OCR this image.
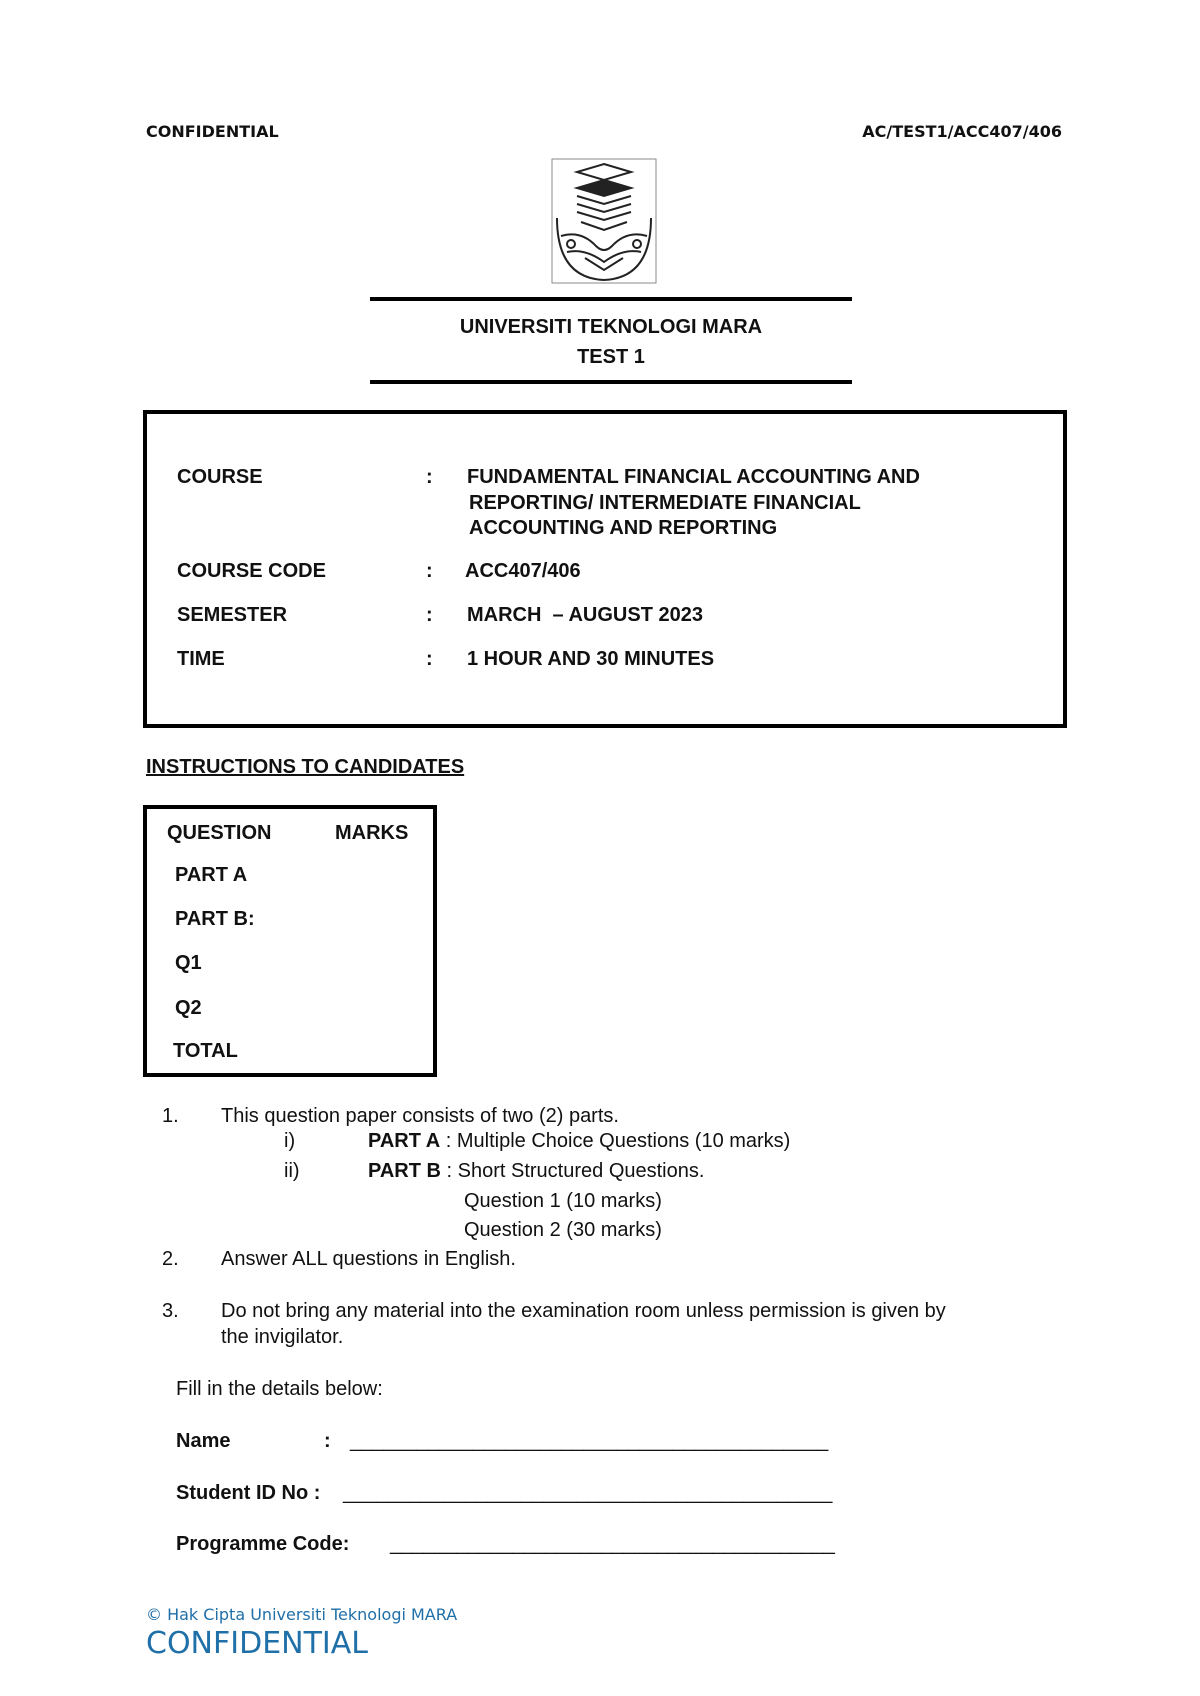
CONFIDENTIAL	AC/TEST1/ACC407/406
UNIVERSITI TEKNOLOGI MARA
TEST 1
COURSE	: FUNDAMENTAL FINANCIAL ACCOUNTING AND
REPORTING/ INTERMEDIATE FINANCIAL
ACCOUNTING AND REPORTING
COURSE CODE	: ACC407/406
SEMESTER	: MARCH  – AUGUST 2023
TIME	: 1 HOUR AND 30 MINUTES
INSTRUCTIONS TO CANDIDATES
QUESTION	MARKS
PART A
PART B:
Q1
Q2
TOTAL
1. This question paper consists of two (2) parts.
i)	PART A : Multiple Choice Questions (10 marks)
ii)	PART B : Short Structured Questions.
Question 1 (10 marks)
Question 2 (30 marks)
2. Answer ALL questions in English.
3. Do not bring any material into the examination room unless permission is given by
the invigilator.
Fill in the details below:
Name	: ___________________________________________
Student ID No : ____________________________________________
Programme Code: ________________________________________
© Hak Cipta Universiti Teknologi MARA
CONFIDENTIAL
